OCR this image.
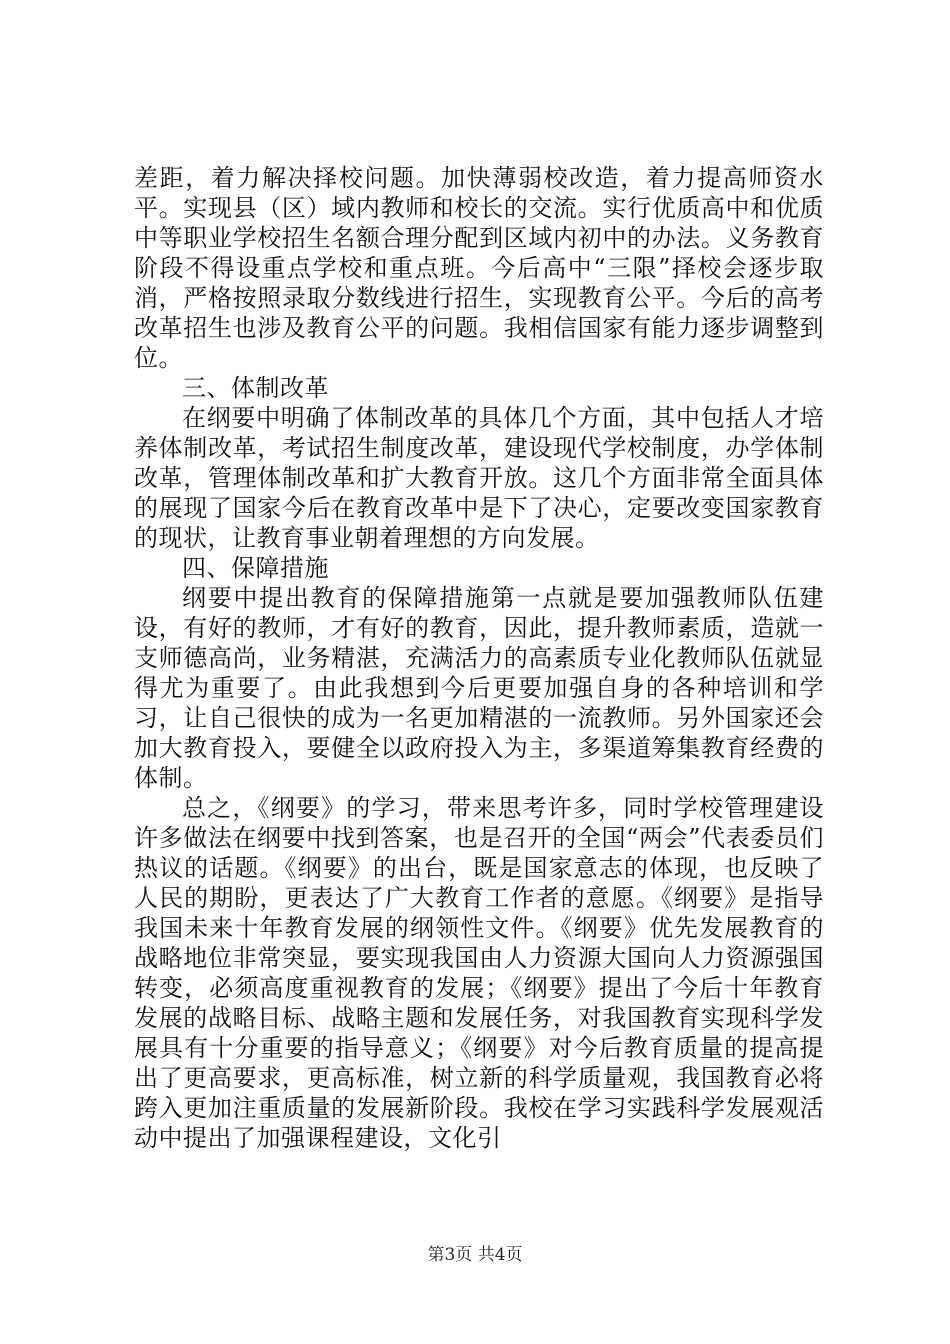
差距，着力解决择校问题。加快薄弱校改造，着力提高师资水平。实现县（区）域内教师和校长的交流。实行优质高中和优质中等职业学校招生名额合理分配到区域内初中的办法。义务教育阶段不得设重点学校和重点班。今后高中“三限”择校会逐步取消，严格按照录取分数线进行招生，实现教育公平。今后的高考改革招生也涉及教育公平的问题。我相信国家有能力逐步调整到位。

三、体制改革

在纲要中明确了体制改革的具体几个方面，其中包括人才培养体制改革，考试招生制度改革，建设现代学校制度，办学体制改革，管理体制改革和扩大教育开放。这几个方面非常全面具体的展现了国家今后在教育改革中是下了决心，定要改变国家教育的现状，让教育事业朝着理想的方向发展。

四、保障措施

纲要中提出教育的保障措施第一点就是要加强教师队伍建设，有好的教师，才有好的教育，因此，提升教师素质，造就一支师德高尚，业务精湛，充满活力的高素质专业化教师队伍就显得尤为重要了。由此我想到今后更要加强自身的各种培训和学习，让自己很快的成为一名更加精湛的一流教师。另外国家还会加大教育投入，要健全以政府投入为主，多渠道筹集教育经费的体制。

总之，《纲要》的学习，带来思考许多，同时学校管理建设许多做法在纲要中找到答案，也是召开的全国“两会”代表委员们热议的话题。《纲要》的出台，既是国家意志的体现，也反映了人民的期盼，更表达了广大教育工作者的意愿。《纲要》是指导我国未来十年教育发展的纲领性文件。《纲要》优先发展教育的战略地位非常突显，要实现我国由人力资源大国向人力资源强国转变，必须高度重视教育的发展；《纲要》提出了今后十年教育发展的战略目标、战略主题和发展任务，对我国教育实现科学发展具有十分重要的指导意义；《纲要》对今后教育质量的提高提出了更高要求，更高标准，树立新的科学质量观，我国教育必将跨入更加注重质量的发展新阶段。我校在学习实践科学发展观活动中提出了加强课程建设，文化引

第3页 共4页
